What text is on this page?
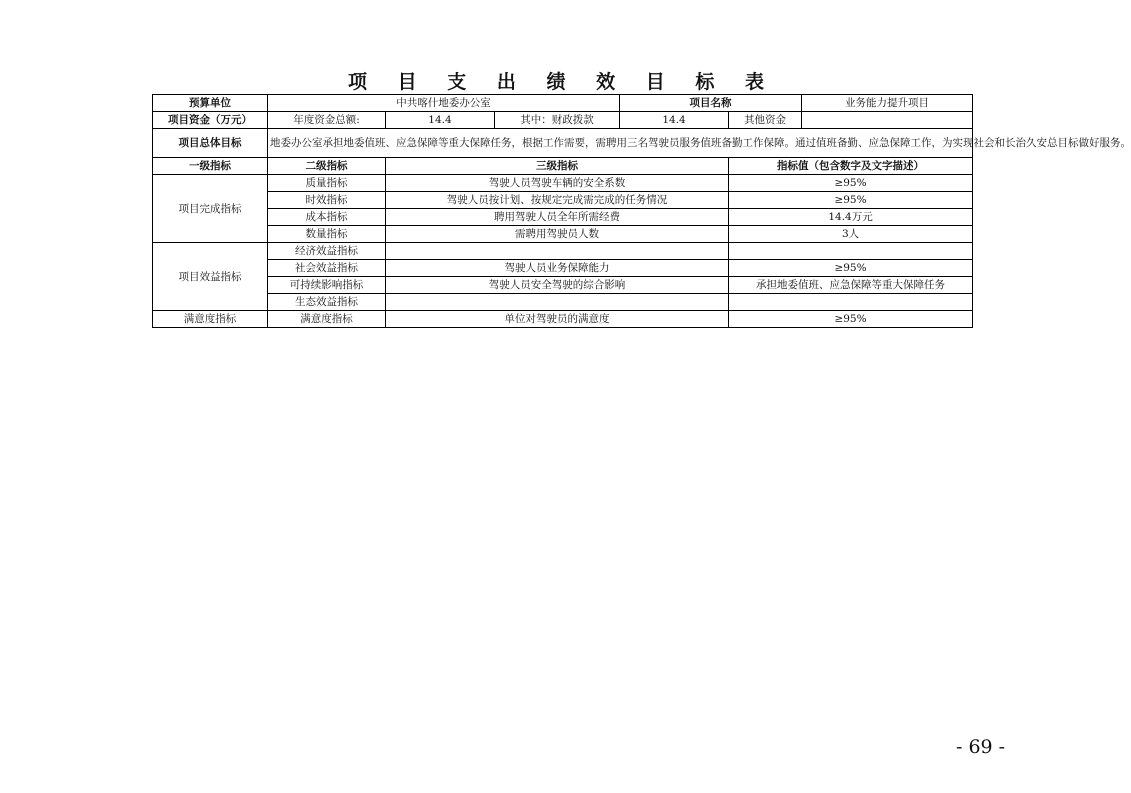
项 目 支 出 绩 效 目 标 表
预算单位	中共喀什地委办公室			项目名称		业务能力提升项目
项目资金（万元）	年度资金总额:	14.4	其中：财政拨款	14.4	其他资金	
项目总体目标	地委办公室承担地委值班、应急保障等重大保障任务，根据工作需要，需聘用三名驾驶员服务值班备勤工作保障。通过值班备勤、应急保障工作，为实现社会和长治久安总目标做好服务。					
一级指标	二级指标	三级指标			指标值（包含数字及文字描述）	
项目完成指标	质量指标	驾驶人员驾驶车辆的安全系数			≥95%	
	时效指标	驾驶人员按计划、按规定完成需完成的任务情况			≥95%	
	成本指标	聘用驾驶人员全年所需经费			14.4万元	
	数量指标	需聘用驾驶员人数			3人	
项目效益指标	经济效益指标					
	社会效益指标	驾驶人员业务保障能力			≥95%	
	可持续影响指标	驾驶人员安全驾驶的综合影响			承担地委值班、应急保障等重大保障任务	
	生态效益指标					
满意度指标	满意度指标	单位对驾驶员的满意度			≥95%	
- 69 -
